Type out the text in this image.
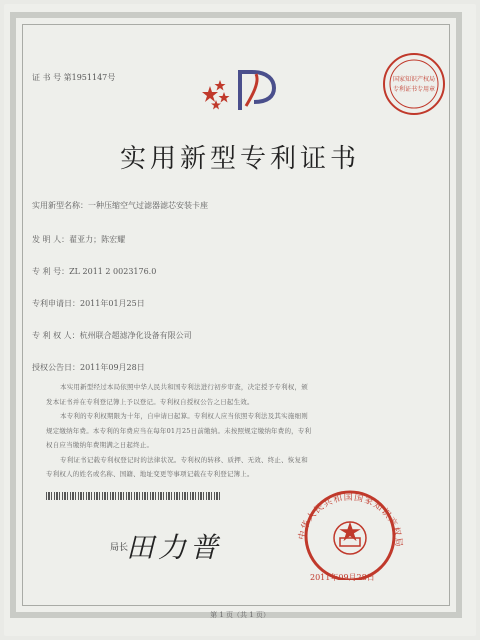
证 书 号 第1951147号	国家知识产权局
专利证书专用章
实用新型专利证书
实用新型名称：一种压缩空气过滤器滤芯安装卡座
发 明 人：翟亚力；陈宏耀
专 利 号：ZL 2011 2 0023176.0
专利申请日：2011年01月25日
专 利 权 人：杭州联合超滤净化设备有限公司
授权公告日：2011年09月28日
本实用新型经过本局依照中华人民共和国专利法进行初步审查，决定授予专利权，颁
发本证书并在专利登记簿上予以登记。专利权自授权公告之日起生效。
本专利的专利权期限为十年，自申请日起算。专利权人应当依照专利法及其实施细则
规定缴纳年费。本专利的年费应当在每年01月25日前缴纳。未按照规定缴纳年费的，专利
权自应当缴纳年费期满之日起终止。
专利证书记载专利权登记时的法律状况。专利权的转移、质押、无效、终止、恢复和
专利权人的姓名或名称、国籍、地址变更等事项记载在专利登记簿上。
局长
田力普	中华人民共和国国家知识产权局
2011年09月28日
第 1 页（共 1 页）
